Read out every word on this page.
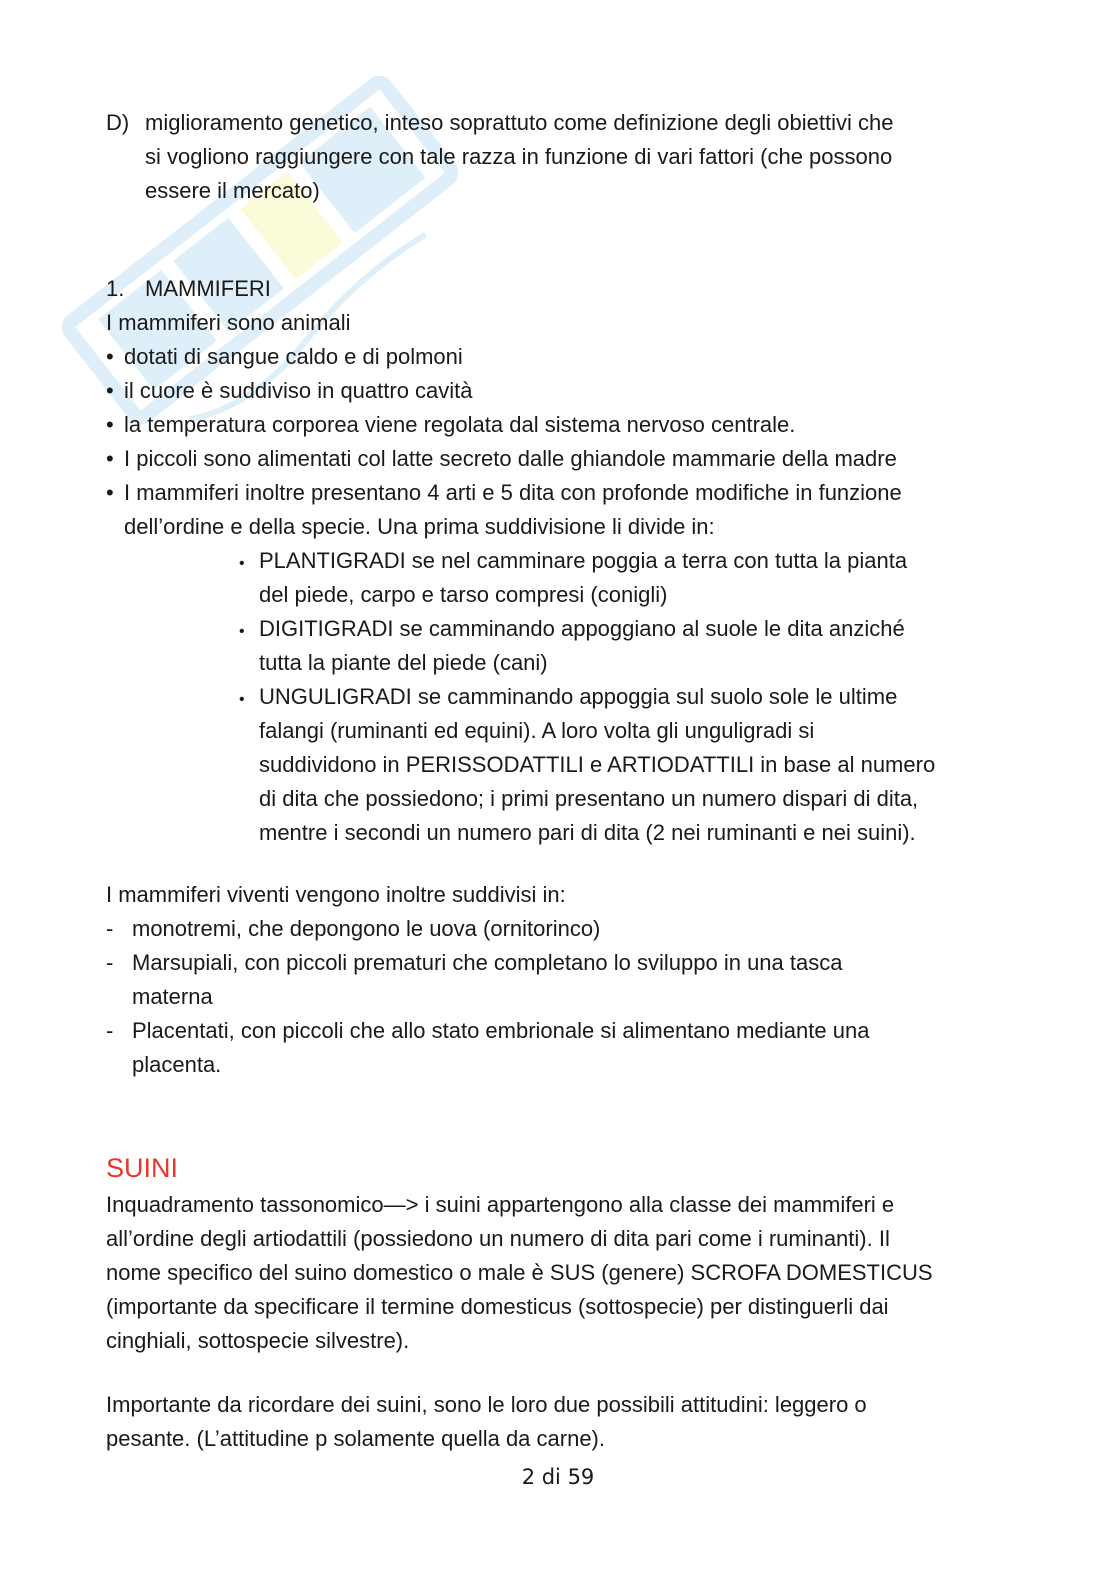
D) miglioramento genetico, inteso soprattuto come definizione degli obiettivi che
si vogliono raggiungere con tale razza in funzione di vari fattori (che possono
essere il mercato)
1. MAMMIFERI
I mammiferi sono animali
• dotati di sangue caldo e di polmoni
• il cuore è suddiviso in quattro cavità
• la temperatura corporea viene regolata dal sistema nervoso centrale.
• I piccoli sono alimentati col latte secreto dalle ghiandole mammarie della madre
• I mammiferi inoltre presentano 4 arti e 5 dita con profonde modifiche in funzione
dell’ordine e della specie. Una prima suddivisione li divide in:
• PLANTIGRADI se nel camminare poggia a terra con tutta la pianta
del piede, carpo e tarso compresi (conigli)
• DIGITIGRADI se camminando appoggiano al suole le dita anziché
tutta la piante del piede (cani)
• UNGULIGRADI se camminando appoggia sul suolo sole le ultime
falangi (ruminanti ed equini). A loro volta gli unguligradi si
suddividono in PERISSODATTILI e ARTIODATTILI in base al numero
di dita che possiedono; i primi presentano un numero dispari di dita,
mentre i secondi un numero pari di dita (2 nei ruminanti e nei suini).
I mammiferi viventi vengono inoltre suddivisi in:
- monotremi, che depongono le uova (ornitorinco)
- Marsupiali, con piccoli prematuri che completano lo sviluppo in una tasca
materna
- Placentati, con piccoli che allo stato embrionale si alimentano mediante una
placenta.
SUINI
Inquadramento tassonomico—> i suini appartengono alla classe dei mammiferi e
all’ordine degli artiodattili (possiedono un numero di dita pari come i ruminanti). Il
nome specifico del suino domestico o male è SUS (genere) SCROFA DOMESTICUS
(importante da specificare il termine domesticus (sottospecie) per distinguerli dai
cinghiali, sottospecie silvestre).
Importante da ricordare dei suini, sono le loro due possibili attitudini: leggero o
pesante. (L’attitudine p solamente quella da carne).
2 di 59
